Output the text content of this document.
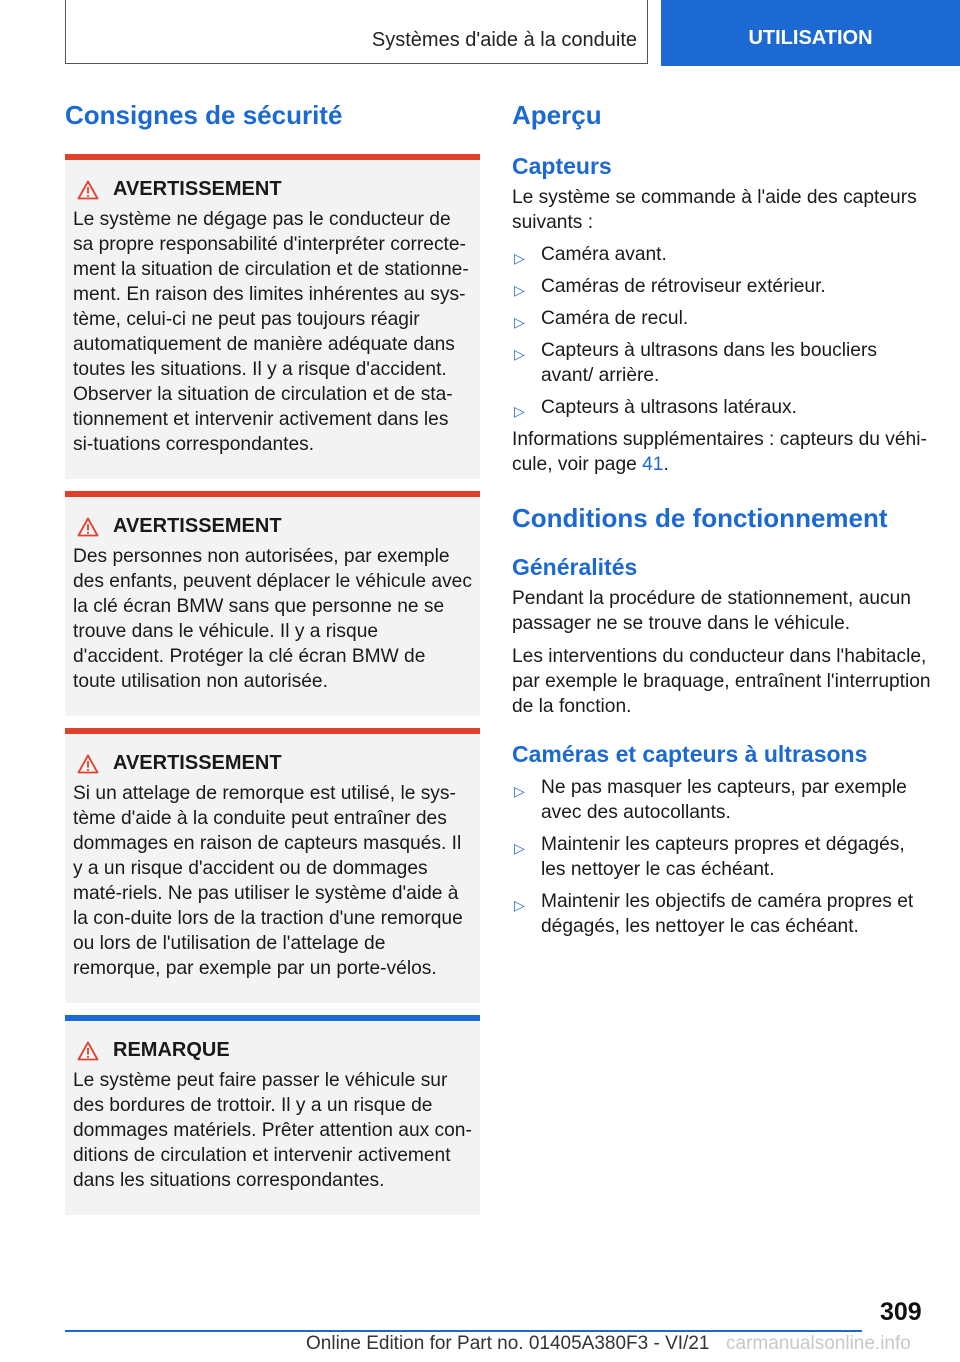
Systèmes d'aide à la conduite	UTILISATION
Consignes de sécurité
AVERTISSEMENT

Le système ne dégage pas le conducteur de sa propre responsabilité d'interpréter correcte-ment la situation de circulation et de stationne-ment. En raison des limites inhérentes au sys-tème, celui-ci ne peut pas toujours réagir automatiquement de manière adéquate dans toutes les situations. Il y a risque d'accident. Observer la situation de circulation et de sta-tionnement et intervenir activement dans les si-tuations correspondantes.

AVERTISSEMENT

Des personnes non autorisées, par exemple des enfants, peuvent déplacer le véhicule avec la clé écran BMW sans que personne ne se trouve dans le véhicule. Il y a risque d'accident. Protéger la clé écran BMW de toute utilisation non autorisée.

AVERTISSEMENT

Si un attelage de remorque est utilisé, le sys-tème d'aide à la conduite peut entraîner des dommages en raison de capteurs masqués. Il y a un risque d'accident ou de dommages maté-riels. Ne pas utiliser le système d'aide à la con-duite lors de la traction d'une remorque ou lors de l'utilisation de l'attelage de remorque, par exemple par un porte-vélos.

REMARQUE

Le système peut faire passer le véhicule sur des bordures de trottoir. Il y a un risque de dommages matériels. Prêter attention aux con-ditions de circulation et intervenir activement dans les situations correspondantes.

Aperçu
Capteurs

Le système se commande à l'aide des capteurs suivants :

▷ Caméra avant.
▷ Caméras de rétroviseur extérieur.
▷ Caméra de recul.
▷ Capteurs à ultrasons dans les boucliers avant/ arrière.
▷ Capteurs à ultrasons latéraux.

Informations supplémentaires : capteurs du véhi-cule, voir page 41.

Conditions de fonctionnement
Généralités

Pendant la procédure de stationnement, aucun passager ne se trouve dans le véhicule.

Les interventions du conducteur dans l'habitacle, par exemple le braquage, entraînent l'interruption de la fonction.

Caméras et capteurs à ultrasons
▷ Ne pas masquer les capteurs, par exemple avec des autocollants.
▷ Maintenir les capteurs propres et dégagés, les nettoyer le cas échéant.
▷ Maintenir les objectifs de caméra propres et dégagés, les nettoyer le cas échéant.
309
Online Edition for Part no. 01405A380F3 - VI/21 carmanualsonline.info
